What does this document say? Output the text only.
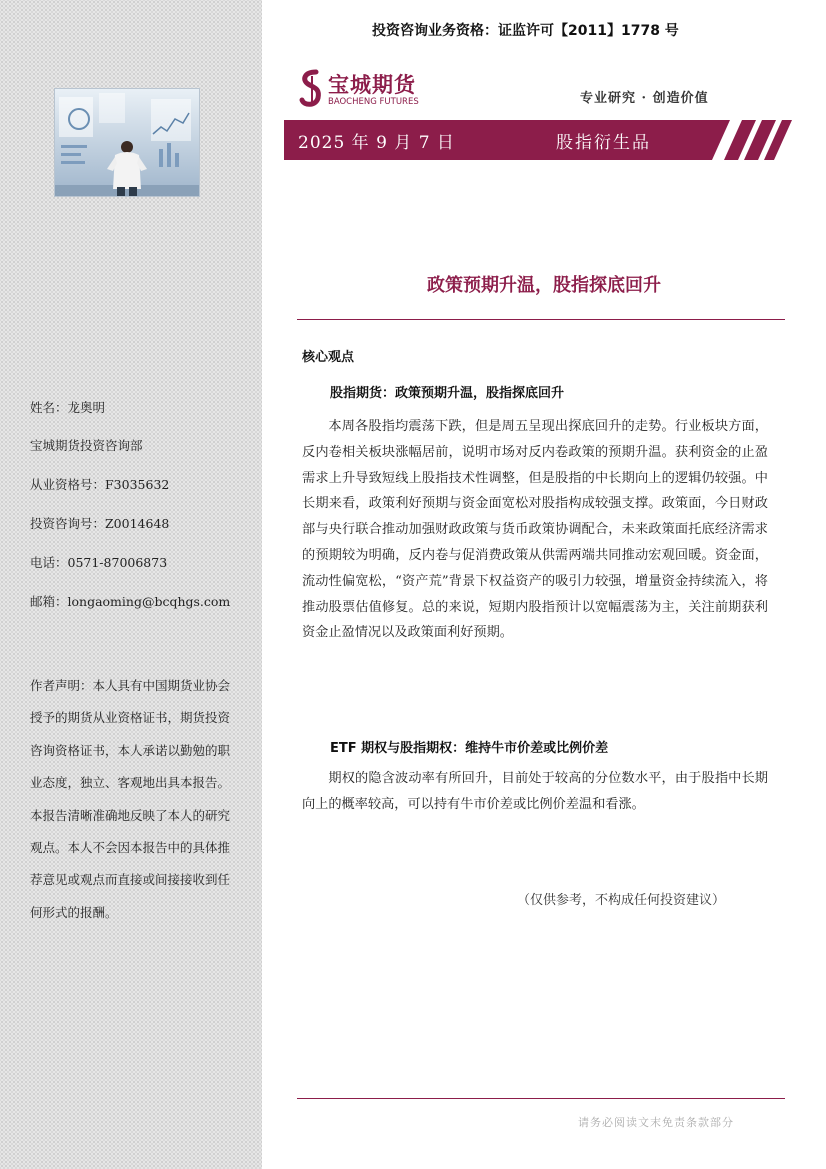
姓名：龙奥明
宝城期货投资咨询部
从业资格号：F3035632
投资咨询号：Z0014648
电话：0571-87006873
邮箱：longaoming@bcqhgs.com
作者声明：本人具有中国期货业协会授予的期货从业资格证书，期货投资咨询资格证书，本人承诺以勤勉的职业态度，独立、客观地出具本报告。本报告清晰准确地反映了本人的研究观点。本人不会因本报告中的具体推荐意见或观点而直接或间接接收到任何形式的报酬。
投资咨询业务资格：证监许可【2011】1778 号
宝城期货
BAOCHENG FUTURES	专业研究 · 创造价值
2025 年 9 月 7 日	股指衍生品
政策预期升温，股指探底回升
核心观点
股指期货：政策预期升温，股指探底回升
本周各股指均震荡下跌，但是周五呈现出探底回升的走势。行业板块方面，反内卷相关板块涨幅居前，说明市场对反内卷政策的预期升温。获利资金的止盈需求上升导致短线上股指技术性调整，但是股指的中长期向上的逻辑仍较强。中长期来看，政策利好预期与资金面宽松对股指构成较强支撑。政策面，今日财政部与央行联合推动加强财政政策与货币政策协调配合，未来政策面托底经济需求的预期较为明确，反内卷与促消费政策从供需两端共同推动宏观回暖。资金面，流动性偏宽松，“资产荒”背景下权益资产的吸引力较强，增量资金持续流入，将推动股票估值修复。总的来说，短期内股指预计以宽幅震荡为主，关注前期获利资金止盈情况以及政策面利好预期。
ETF 期权与股指期权：维持牛市价差或比例价差
期权的隐含波动率有所回升，目前处于较高的分位数水平，由于股指中长期向上的概率较高，可以持有牛市价差或比例价差温和看涨。
（仅供参考，不构成任何投资建议）
请务必阅读文末免责条款部分
